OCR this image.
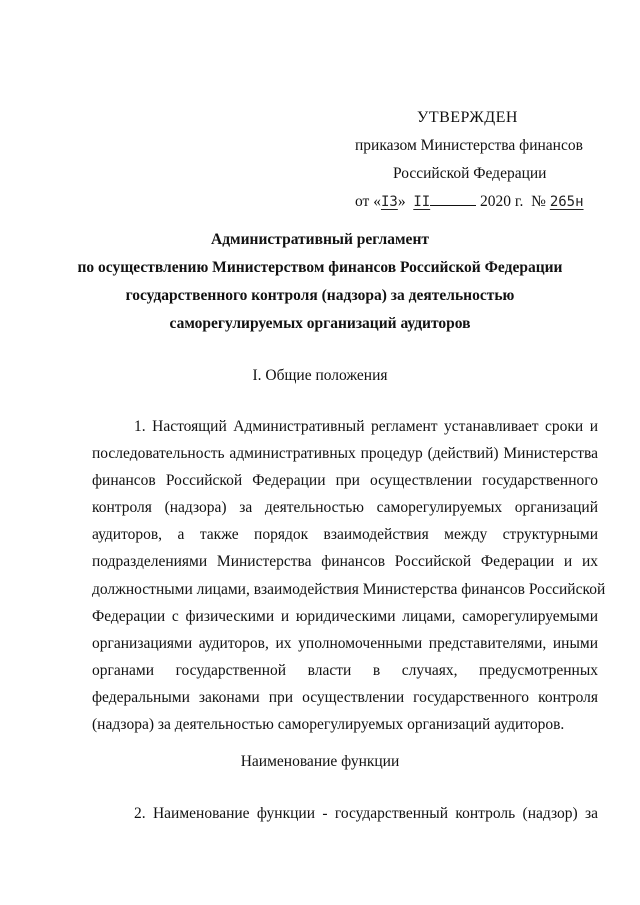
УТВЕРЖДЕН
приказом Министерства финансов
Российской Федерации
от «I3» II	2020 г. № 265н
Административный регламент
по осуществлению Министерством финансов Российской Федерации
государственного контроля (надзора) за деятельностью
саморегулируемых организаций аудиторов
I. Общие положения
1. Настоящий Административный регламент устанавливает сроки и
последовательность административных процедур (действий) Министерства
финансов Российской Федерации при осуществлении государственного
контроля (надзора) за деятельностью саморегулируемых организаций
аудиторов, а также порядок взаимодействия между структурными
подразделениями Министерства финансов Российской Федерации и их
должностными лицами, взаимодействия Министерства финансов Российской
Федерации с физическими и юридическими лицами, саморегулируемыми
организациями аудиторов, их уполномоченными представителями, иными
органами государственной власти в случаях, предусмотренных
федеральными законами при осуществлении государственного контроля
(надзора) за деятельностью саморегулируемых организаций аудиторов.
Наименование функции
2. Наименование функции - государственный контроль (надзор) за
